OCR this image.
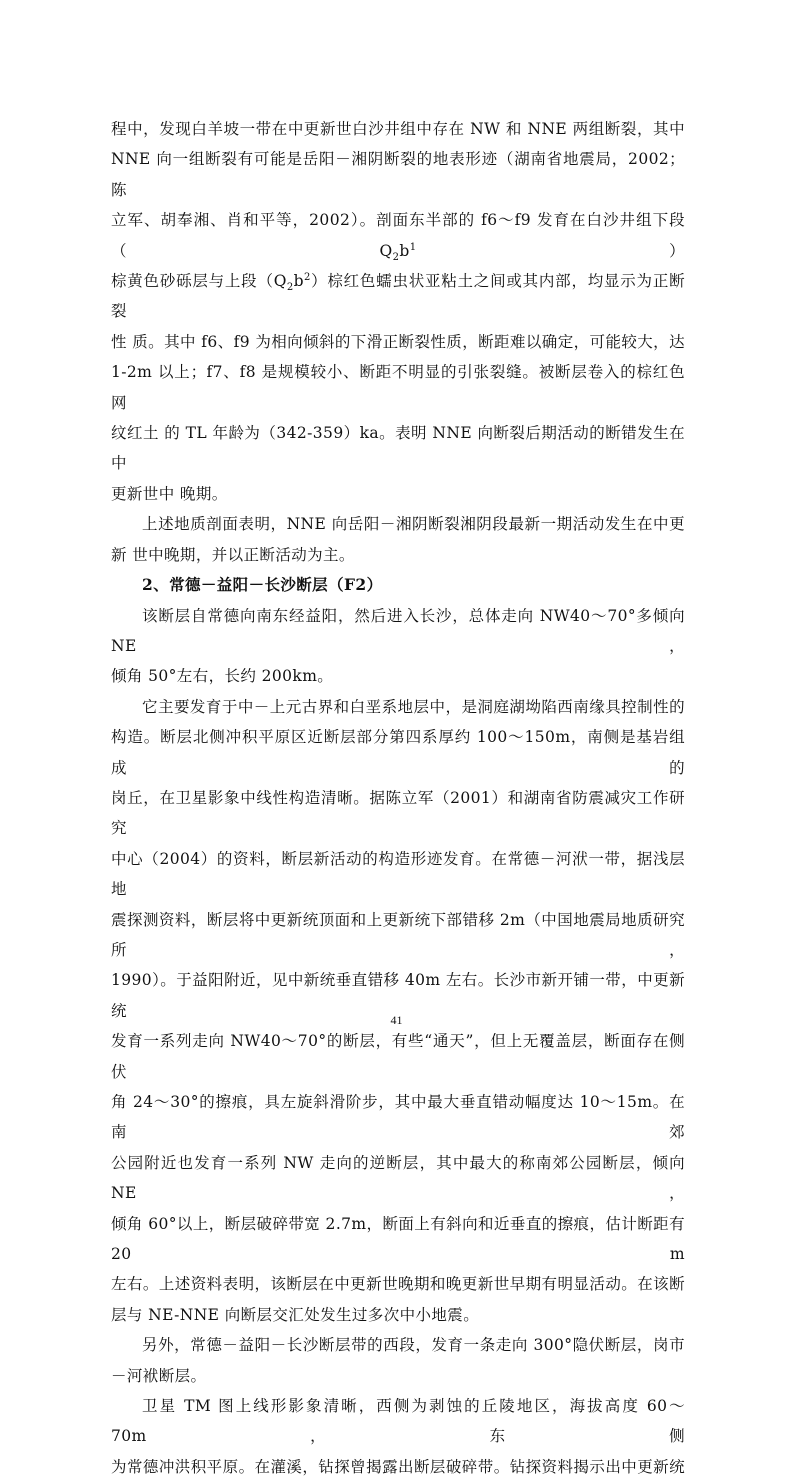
程中，发现白羊坡一带在中更新世白沙井组中存在 NW 和 NNE 两组断裂，其中

NNE 向一组断裂有可能是岳阳－湘阴断裂的地表形迹（湖南省地震局，2002；陈

立军、胡奉湘、肖和平等，2002）。剖面东半部的 f6～f9 发育在白沙井组下段$(Q_2b^1)$

棕黄色砂砾层与上段$(Q_2b^2)$棕红色蠕虫状亚粘土之间或其内部，均显示为正断裂

性 质。其中 f6、f9 为相向倾斜的下滑正断裂性质，断距难以确定，可能较大，达

1-2m 以上；f7、f8 是规模较小、断距不明显的引张裂缝。被断层卷入的棕红色网

纹红土 的 TL 年龄为（342-359）ka。表明 NNE 向断裂后期活动的断错发生在中

更新世中 晚期。

上述地质剖面表明，NNE 向岳阳－湘阴断裂湘阴段最新一期活动发生在中更

新 世中晚期，并以正断活动为主。

2、常德－益阳－长沙断层（F2）

该断层自常德向南东经益阳，然后进入长沙，总体走向 NW40～70°多倾向 NE，

倾角 50°左右，长约 200km。

它主要发育于中－上元古界和白垩系地层中，是洞庭湖坳陷西南缘具控制性的

构造。断层北侧冲积平原区近断层部分第四系厚约 100～150m，南侧是基岩组成的

岗丘，在卫星影象中线性构造清晰。据陈立军（2001）和湖南省防震减灾工作研究

中心（2004）的资料，断层新活动的构造形迹发育。在常德－河洑一带，据浅层地

震探测资料，断层将中更新统顶面和上更新统下部错移 2m（中国地震局地质研究所，

1990）。于益阳附近，见中新统垂直错移 40m 左右。长沙市新开铺一带，中更新统

发育一系列走向 NW40～70°的断层，有些“通天”，但上无覆盖层，断面存在侧伏

角 24～30°的擦痕，具左旋斜滑阶步，其中最大垂直错动幅度达 10～15m。在南郊

公园附近也发育一系列 NW 走向的逆断层，其中最大的称南郊公园断层，倾向 NE，

倾角 60°以上，断层破碎带宽 2.7m，断面上有斜向和近垂直的擦痕，估计断距有 20 m

左右。上述资料表明，该断层在中更新世晚期和晚更新世早期有明显活动。在该断

层与 NE-NNE 向断层交汇处发生过多次中小地震。

另外，常德－益阳－长沙断层带的西段，发育一条走向 300°隐伏断层，岗市

－河袱断层。

卫星 TM 图上线形影象清晰，西侧为剥蚀的丘陵地区，海拔高度 60～70m，东侧

为常德冲洪积平原。在灌溪，钻探曾揭露出断层破碎带。钻探资料揭示出中更新统

41
